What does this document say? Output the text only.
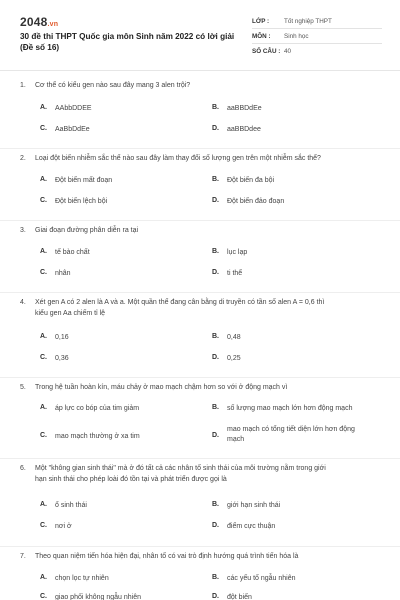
2048.vn
30 đề thi THPT Quốc gia môn Sinh năm 2022 có lời giải (Đề số 16)
LỚP :	Tốt nghiệp THPT
MÔN :	Sinh học
SỐ CÂU : 40
1. Cơ thể có kiểu gen nào sau đây mang 3 alen trội?
A.	AAbbDDEE	B.	aaBBDdEe
C.	AaBbDdEe	D.	aaBBDdee
2. Loại đột biến nhiễm sắc thể nào sau đây làm thay đổi số lượng gen trên một nhiễm sắc thể?
A.	Đột biến mất đoạn	B.	Đột biến đa bội
C.	Đột biến lệch bội	D.	Đột biến đảo đoạn
3. Giai đoạn đường phân diễn ra tại
A.	tế bào chất	B.	lục lạp
C.	nhân	D.	ti thể
4. Xét gen A có 2 alen là A và a. Một quần thể đang cân bằng di truyền có tần số alen A = 0,6 thì
kiểu gen Aa chiếm tỉ lệ
A.	0,16	B.	0,48
C.	0,36	D.	0,25
5. Trong hệ tuần hoàn kín, máu chảy ở mao mạch chậm hơn so với ở động mạch vì
A.	áp lực co bóp của tim giảm	B.	số lượng mao mạch lớn hơn động mạch
C.	mao mạch thường ở xa tim	D.
mao mạch có tổng tiết diện lớn hơn động mạch
6. Một "không gian sinh thái" mà ở đó tất cả các nhân tố sinh thái của môi trường nằm trong giới
hạn sinh thái cho phép loài đó tồn tại và phát triển được gọi là
A.	ổ sinh thái	B.	giới hạn sinh thái
C.	nơi ở	D.	điểm cực thuận
7. Theo quan niệm tiến hóa hiện đại, nhân tố có vai trò định hướng quá trình tiến hóa là
A.	chọn lọc tự nhiên	B.	các yếu tố ngẫu nhiên
C.	giao phối không ngẫu nhiên	D.	đột biến
